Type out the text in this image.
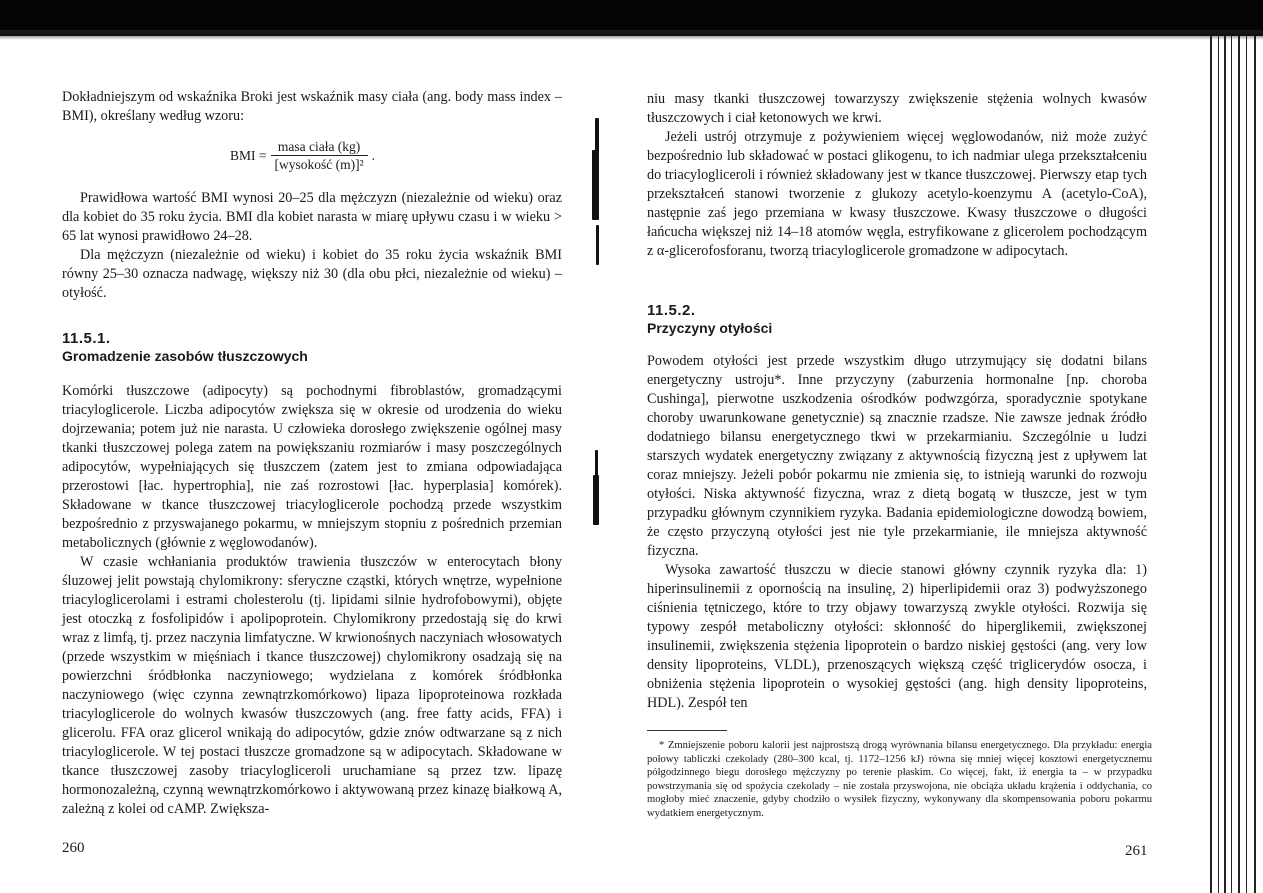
Dokładniejszym od wskaźnika Broki jest wskaźnik masy ciała (ang. body mass index – BMI), określany według wzoru:

BMI = $\frac{\text{masa ciała (kg)}}{\text{[wysokość (m)]²}}$ .

Prawidłowa wartość BMI wynosi 20–25 dla mężczyzn (niezależnie od wieku) oraz dla kobiet do 35 roku życia. BMI dla kobiet narasta w miarę upływu czasu i w wieku > 65 lat wynosi prawidłowo 24–28.

Dla mężczyzn (niezależnie od wieku) i kobiet do 35 roku życia wskaźnik BMI równy 25–30 oznacza nadwagę, większy niż 30 (dla obu płci, niezależnie od wieku) – otyłość.

11.5.1.
Gromadzenie zasobów tłuszczowych

Komórki tłuszczowe (adipocyty) są pochodnymi fibroblastów, gromadzącymi triacyloglicerole. Liczba adipocytów zwiększa się w okresie od urodzenia do wieku dojrzewania; potem już nie narasta. U człowieka dorosłego zwiększenie ogólnej masy tkanki tłuszczowej polega zatem na powiększaniu rozmiarów i masy poszczególnych adipocytów, wypełniających się tłuszczem (zatem jest to zmiana odpowiadająca przerostowi [łac. hypertrophia], nie zaś rozrostowi [łac. hyperplasia] komórek). Składowane w tkance tłuszczowej triacyloglicerole pochodzą przede wszystkim bezpośrednio z przyswajanego pokarmu, w mniejszym stopniu z pośrednich przemian metabolicznych (głównie z węglowodanów).

W czasie wchłaniania produktów trawienia tłuszczów w enterocytach błony śluzowej jelit powstają chylomikrony: sferyczne cząstki, których wnętrze, wypełnione triacyloglicerolami i estrami cholesterolu (tj. lipidami silnie hydrofobowymi), objęte jest otoczką z fosfolipidów i apolipoprotein. Chylomikrony przedostają się do krwi wraz z limfą, tj. przez naczynia limfatyczne. W krwionośnych naczyniach włosowatych (przede wszystkim w mięśniach i tkance tłuszczowej) chylomikrony osadzają się na powierzchni śródbłonka naczyniowego; wydzielana z komórek śródbłonka naczyniowego (więc czynna zewnątrzkomórkowo) lipaza lipoproteinowa rozkłada triacyloglicerole do wolnych kwasów tłuszczowych (ang. free fatty acids, FFA) i glicerolu. FFA oraz glicerol wnikają do adipocytów, gdzie znów odtwarzane są z nich triacyloglicerole. W tej postaci tłuszcze gromadzone są w adipocytach. Składowane w tkance tłuszczowej zasoby triacylogliceroli uruchamiane są przez tzw. lipazę hormonozależną, czynną wewnątrzkomórkowo i aktywowaną przez kinazę białkową A, zależną z kolei od cAMP. Zwiększa-

260

niu masy tkanki tłuszczowej towarzyszy zwiększenie stężenia wolnych kwasów tłuszczowych i ciał ketonowych we krwi.

Jeżeli ustrój otrzymuje z pożywieniem więcej węglowodanów, niż może zużyć bezpośrednio lub składować w postaci glikogenu, to ich nadmiar ulega przekształceniu do triacylogliceroli i również składowany jest w tkance tłuszczowej. Pierwszy etap tych przekształceń stanowi tworzenie z glukozy acetylo-koenzymu A (acetylo-CoA), następnie zaś jego przemiana w kwasy tłuszczowe. Kwasy tłuszczowe o długości łańcucha większej niż 14–18 atomów węgla, estryfikowane z glicerolem pochodzącym z α-glicerofosforanu, tworzą triacyloglicerole gromadzone w adipocytach.

11.5.2.
Przyczyny otyłości

Powodem otyłości jest przede wszystkim długo utrzymujący się dodatni bilans energetyczny ustroju*. Inne przyczyny (zaburzenia hormonalne [np. choroba Cushinga], pierwotne uszkodzenia ośrodków podwzgórza, sporadycznie spotykane choroby uwarunkowane genetycznie) są znacznie rzadsze. Nie zawsze jednak źródło dodatniego bilansu energetycznego tkwi w przekarmianiu. Szczególnie u ludzi starszych wydatek energetyczny związany z aktywnością fizyczną jest z upływem lat coraz mniejszy. Jeżeli pobór pokarmu nie zmienia się, to istnieją warunki do rozwoju otyłości. Niska aktywność fizyczna, wraz z dietą bogatą w tłuszcze, jest w tym przypadku głównym czynnikiem ryzyka. Badania epidemiologiczne dowodzą bowiem, że często przyczyną otyłości jest nie tyle przekarmianie, ile mniejsza aktywność fizyczna.

Wysoka zawartość tłuszczu w diecie stanowi główny czynnik ryzyka dla: 1) hiperinsulinemii z opornością na insulinę, 2) hiperlipidemii oraz 3) podwyższonego ciśnienia tętniczego, które to trzy objawy towarzyszą zwykle otyłości. Rozwija się typowy zespół metaboliczny otyłości: skłonność do hiperglikemii, zwiększonej insulinemii, zwiększenia stężenia lipoprotein o bardzo niskiej gęstości (ang. very low density lipoproteins, VLDL), przenoszących większą część triglicerydów osocza, i obniżenia stężenia lipoprotein o wysokiej gęstości (ang. high density lipoproteins, HDL). Zespół ten

261

* Zmniejszenie poboru kalorii jest najprostszą drogą wyrównania bilansu energetycznego. Dla przykładu: energia połowy tabliczki czekolady (280–300 kcal, tj. 1172–1256 kJ) równa się mniej więcej kosztowi energetycznemu półgodzinnego biegu dorosłego mężczyzny po terenie płaskim. Co więcej, fakt, iż energia ta – w przypadku powstrzymania się od spożycia czekolady – nie została przyswojona, nie obciąża układu krążenia i oddychania, co mogłoby mieć znaczenie, gdyby chodziło o wysiłek fizyczny, wykonywany dla skompensowania poboru pokarmu wydatkiem energetycznym.
